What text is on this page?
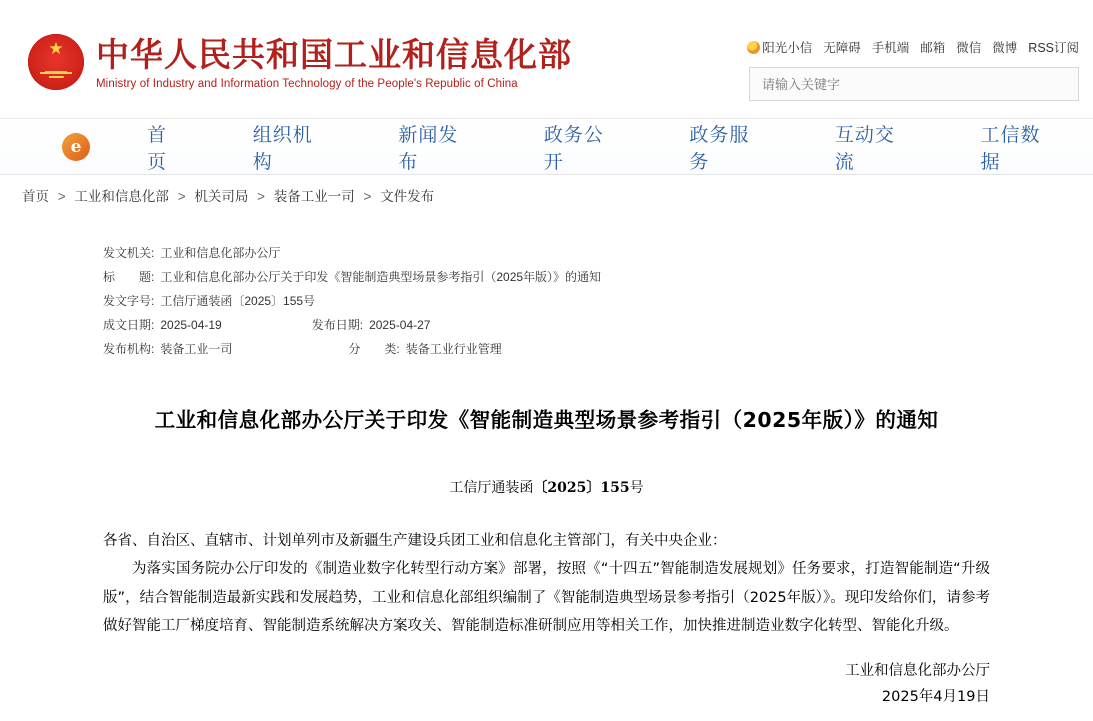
★
中华人民共和国工业和信息化部
Ministry of Industry and Information Technology of the People's Republic of China
阳光小信 无障碍 手机端 邮箱 微信 微博 RSS订阅
请输入关键字
e
首页
组织机构
新闻发布
政务公开
政务服务
互动交流
工信数据
首页 > 工业和信息化部 > 机关司局 > 装备工业一司 > 文件发布
发文机关: 工业和信息化部办公厅
标　　题: 工业和信息化部办公厅关于印发《智能制造典型场景参考指引（2025年版）》的通知
发文字号: 工信厅通装函〔2025〕155号
成文日期: 2025-04-19	发布日期: 2025-04-27
发布机构: 装备工业一司	分　　类: 装备工业行业管理
工业和信息化部办公厅关于印发《智能制造典型场景参考指引（2025年版）》的通知
工信厅通装函〔2025〕155号

各省、自治区、直辖市、计划单列市及新疆生产建设兵团工业和信息化主管部门，有关中央企业：

为落实国务院办公厅印发的《制造业数字化转型行动方案》部署，按照《“十四五”智能制造发展规划》任务要求，打造智能制造“升级版”，结合智能制造最新实践和发展趋势，工业和信息化部组织编制了《智能制造典型场景参考指引（2025年版）》。现印发给你们，请参考做好智能工厂梯度培育、智能制造系统解决方案攻关、智能制造标准研制应用等相关工作，加快推进制造业数字化转型、智能化升级。

工业和信息化部办公厅
2025年4月19日
